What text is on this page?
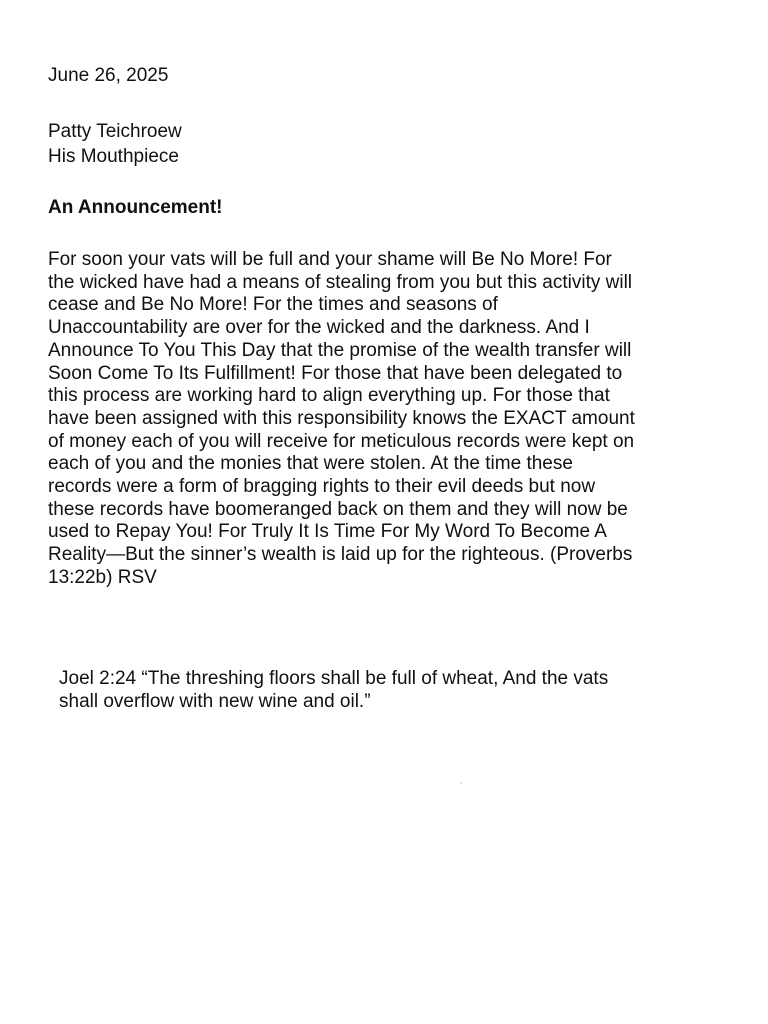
June 26, 2025
Patty Teichroew
His Mouthpiece
An Announcement!
For soon your vats will be full and your shame will Be No More! For
the wicked have had a means of stealing from you but this activity will
cease and Be No More! For the times and seasons of
Unaccountability are over for the wicked and the darkness. And I
Announce To You This Day that the promise of the wealth transfer will
Soon Come To Its Fulfillment! For those that have been delegated to
this process are working hard to align everything up. For those that
have been assigned with this responsibility knows the EXACT amount
of money each of you will receive for meticulous records were kept on
each of you and the monies that were stolen. At the time these
records were a form of bragging rights to their evil deeds but now
these records have boomeranged back on them and they will now be
used to Repay You! For Truly It Is Time For My Word To Become A
Reality—But the sinner’s wealth is laid up for the righteous. (Proverbs
13:22b) RSV
Joel 2:24 “The threshing floors shall be full of wheat, And the vats
shall overflow with new wine and oil.”
